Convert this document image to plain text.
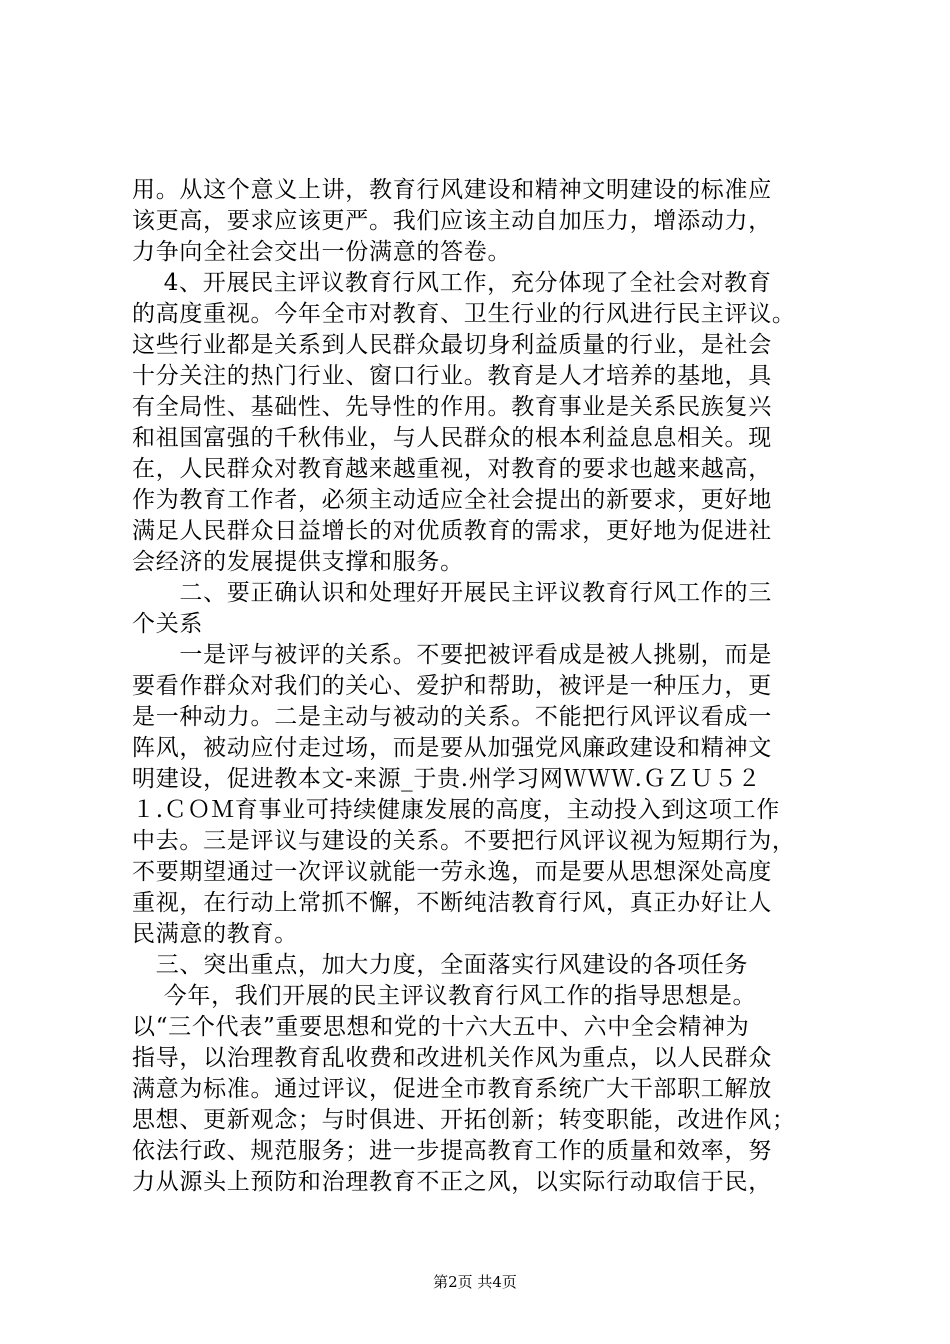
用。从这个意义上讲，教育行风建设和精神文明建设的标准应
该更高，要求应该更严。我们应该主动自加压力，增添动力，
力争向全社会交出一份满意的答卷。
　 4、开展民主评议教育行风工作，充分体现了全社会对教育
的高度重视。今年全市对教育、卫生行业的行风进行民主评议。
这些行业都是关系到人民群众最切身利益质量的行业，是社会
十分关注的热门行业、窗口行业。教育是人才培养的基地，具
有全局性、基础性、先导性的作用。教育事业是关系民族复兴
和祖国富强的千秋伟业，与人民群众的根本利益息息相关。现
在，人民群众对教育越来越重视，对教育的要求也越来越高，
作为教育工作者，必须主动适应全社会提出的新要求，更好地
满足人民群众日益增长的对优质教育的需求，更好地为促进社
会经济的发展提供支撑和服务。
　　二、要正确认识和处理好开展民主评议教育行风工作的三
个关系
　　一是评与被评的关系。不要把被评看成是被人挑剔，而是
要看作群众对我们的关心、爱护和帮助，被评是一种压力，更
是一种动力。二是主动与被动的关系。不能把行风评议看成一
阵风，被动应付走过场，而是要从加强党风廉政建设和精神文
明建设，促进教本文-来源_于贵.州学习网ＷＷＷ.ＧＺＵ５２
１.ＣＯＭ育事业可持续健康发展的高度，主动投入到这项工作
中去。三是评议与建设的关系。不要把行风评议视为短期行为，
不要期望通过一次评议就能一劳永逸，而是要从思想深处高度
重视，在行动上常抓不懈，不断纯洁教育行风，真正办好让人
民满意的教育。
　三、突出重点，加大力度，全面落实行风建设的各项任务
　 今年，我们开展的民主评议教育行风工作的指导思想是。
以“三个代表”重要思想和党的十六大五中、六中全会精神为
指导，以治理教育乱收费和改进机关作风为重点，以人民群众
满意为标准。通过评议，促进全市教育系统广大干部职工解放
思想、更新观念；与时俱进、开拓创新；转变职能，改进作风；
依法行政、规范服务；进一步提高教育工作的质量和效率，努
力从源头上预防和治理教育不正之风，以实际行动取信于民，
第2页 共4页
